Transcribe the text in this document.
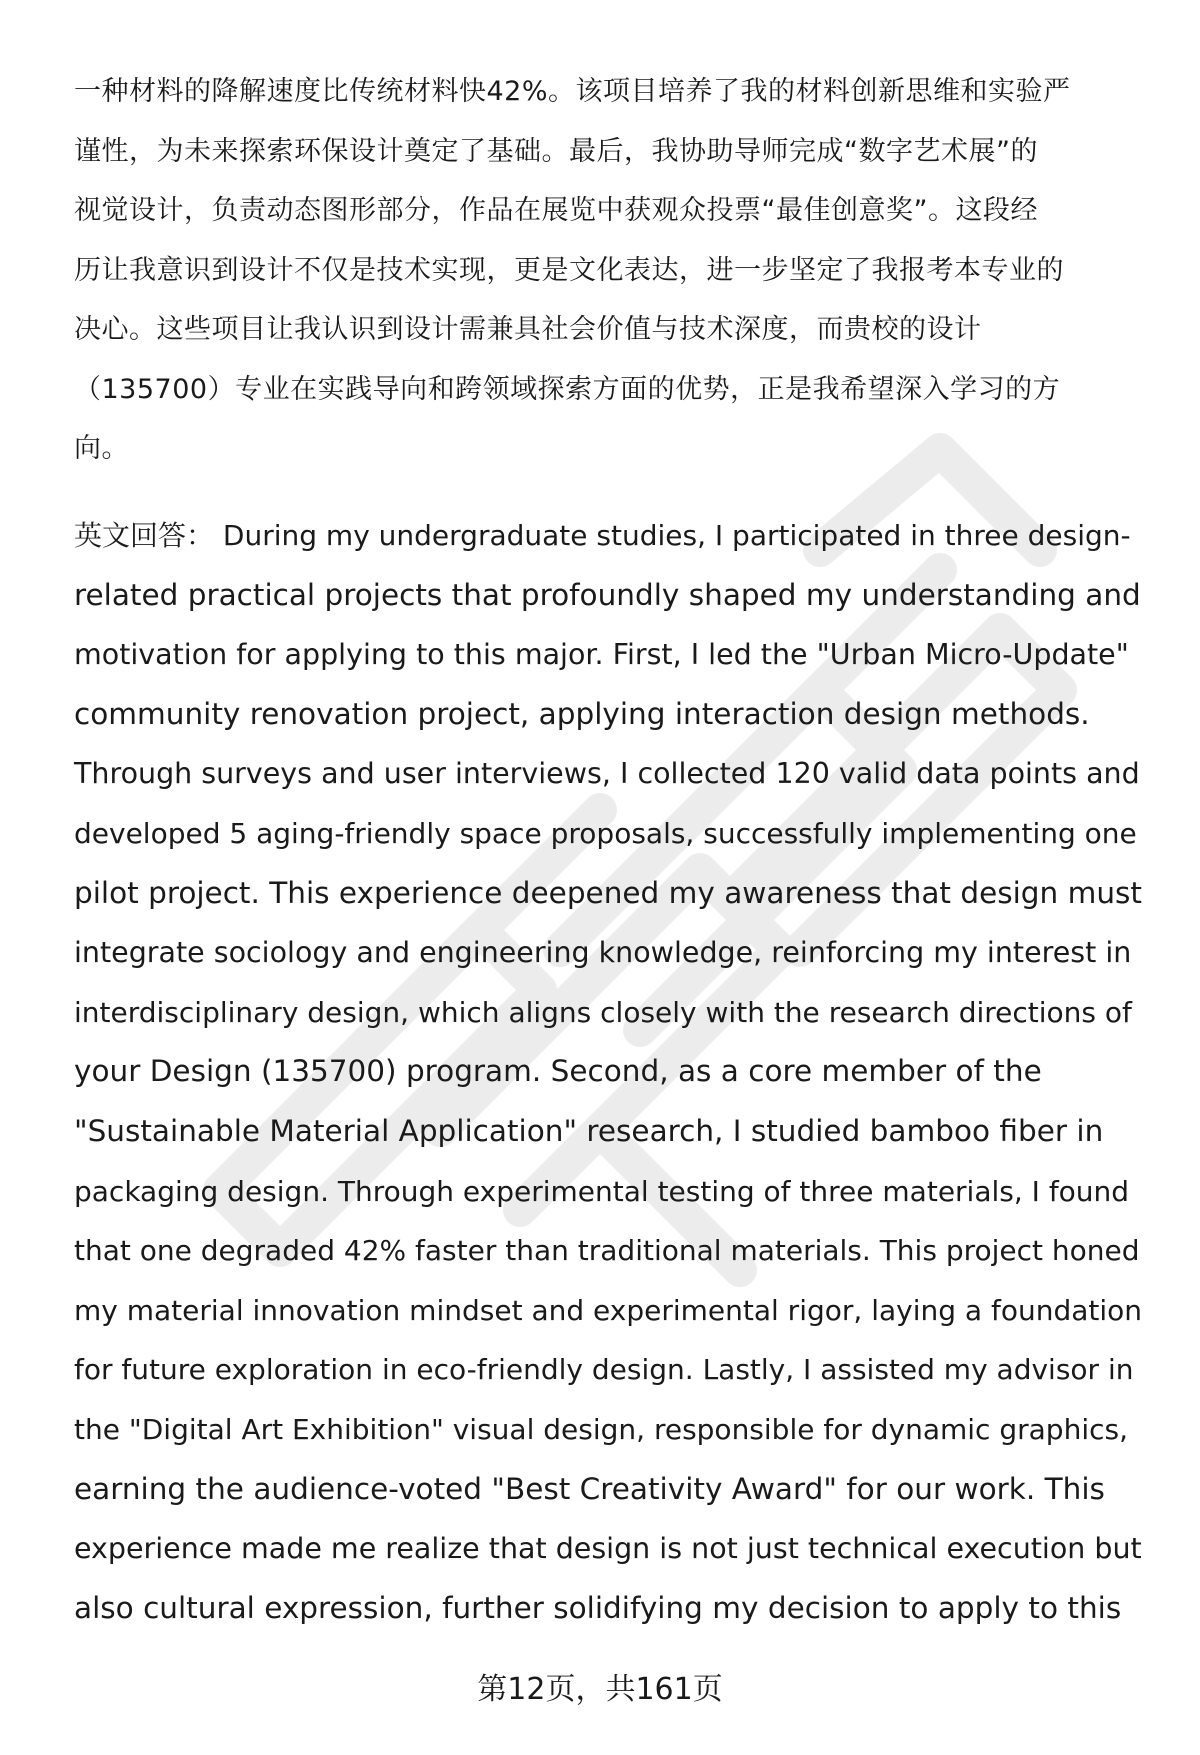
一种材料的降解速度比传统材料快42%。该项目培养了我的材料创新思维和实验严
谨性，为未来探索环保设计奠定了基础。最后，我协助导师完成“数字艺术展”的
视觉设计，负责动态图形部分，作品在展览中获观众投票“最佳创意奖”。这段经
历让我意识到设计不仅是技术实现，更是文化表达，进一步坚定了我报考本专业的
决心。这些项目让我认识到设计需兼具社会价值与技术深度，而贵校的设计
（135700）专业在实践导向和跨领域探索方面的优势，正是我希望深入学习的方
向。

英文回答： During my undergraduate studies, I participated in three design-
related practical projects that profoundly shaped my understanding and
motivation for applying to this major. First, I led the "Urban Micro-Update"
community renovation project, applying interaction design methods.
Through surveys and user interviews, I collected 120 valid data points and
developed 5 aging-friendly space proposals, successfully implementing one
pilot project. This experience deepened my awareness that design must
integrate sociology and engineering knowledge, reinforcing my interest in
interdisciplinary design, which aligns closely with the research directions of
your Design (135700) program. Second, as a core member of the
"Sustainable Material Application" research, I studied bamboo fiber in
packaging design. Through experimental testing of three materials, I found
that one degraded 42% faster than traditional materials. This project honed
my material innovation mindset and experimental rigor, laying a foundation
for future exploration in eco-friendly design. Lastly, I assisted my advisor in
the "Digital Art Exhibition" visual design, responsible for dynamic graphics,
earning the audience-voted "Best Creativity Award" for our work. This
experience made me realize that design is not just technical execution but
also cultural expression, further solidifying my decision to apply to this

第12页，共161页
